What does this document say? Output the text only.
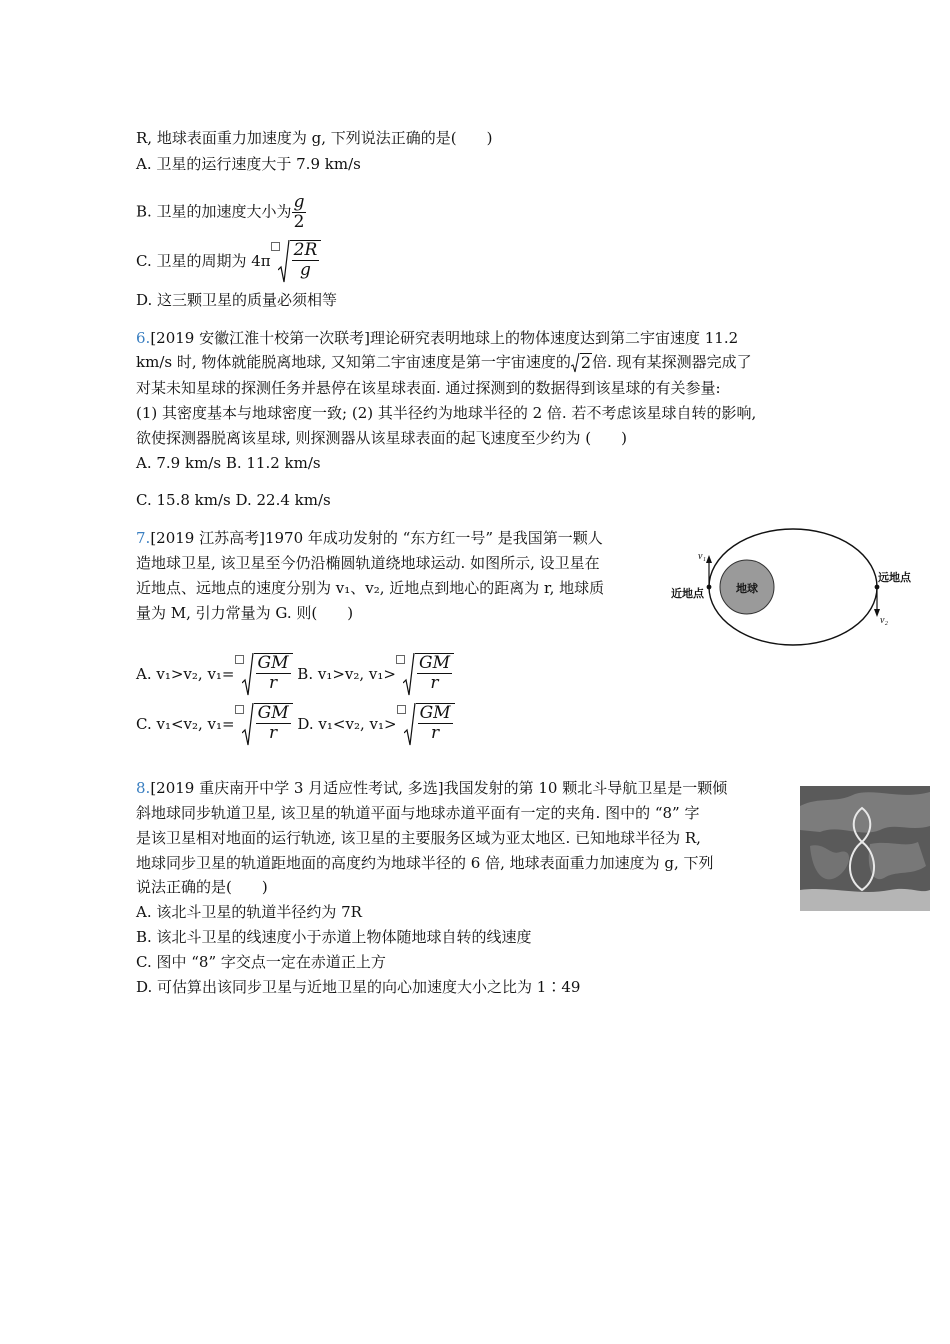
R, 地球表面重力加速度为 g, 下列说法正确的是(　　)
A. 卫星的运行速度大于 7.9 km/s
B. 卫星的加速度大小为 $\frac{g}{2}$
C. 卫星的周期为 $4\pi \frac{2R}{g}$
D. 这三颗卫星的质量必须相等
6.[2019 安徽江淮十校第一次联考]理论研究表明地球上的物体速度达到第二宇宙速度 11.2
km/s 时, 物体就能脱离地球, 又知第二宇宙速度是第一宇宙速度的 2 倍. 现有某探测器完成了
对某未知星球的探测任务并悬停在该星球表面. 通过探测到的数据得到该星球的有关参量:
(1) 其密度基本与地球密度一致; (2) 其半径约为地球半径的 2 倍. 若不考虑该星球自转的影响,
欲使探测器脱离该星球, 则探测器从该星球表面的起飞速度至少约为 (　　)
A. 7.9 km/s B. 11.2 km/s
C. 15.8 km/s D. 22.4 km/s
7.[2019 江苏高考]1970 年成功发射的 “东方红一号” 是我国第一颗人
造地球卫星, 该卫星至今仍沿椭圆轨道绕地球运动. 如图所示, 设卫星在
近地点、远地点的速度分别为 v₁、v₂, 近地点到地心的距离为 r, 地球质
量为 M, 引力常量为 G. 则(　　)
A. v₁>v₂, $v_1= \frac{GM}{r} B$. v₁>v₂, $v_1> \frac{GM}{r}$
C. v₁<v₂, $v_1= \frac{GM}{r} D$. v₁<v₂, $v_1> \frac{GM}{r}$
地球
v₁
v₂
近地点
远地点
8.[2019 重庆南开中学 3 月适应性考试, 多选]我国发射的第 10 颗北斗导航卫星是一颗倾
斜地球同步轨道卫星, 该卫星的轨道平面与地球赤道平面有一定的夹角. 图中的 “8” 字
是该卫星相对地面的运行轨迹, 该卫星的主要服务区域为亚太地区. 已知地球半径为 R,
地球同步卫星的轨道距地面的高度约为地球半径的 6 倍, 地球表面重力加速度为 g, 下列
说法正确的是(　　)
A. 该北斗卫星的轨道半径约为 7R
B. 该北斗卫星的线速度小于赤道上物体随地球自转的线速度
C. 图中 “8” 字交点一定在赤道正上方
D. 可估算出该同步卫星与近地卫星的向心加速度大小之比为 1∶49
